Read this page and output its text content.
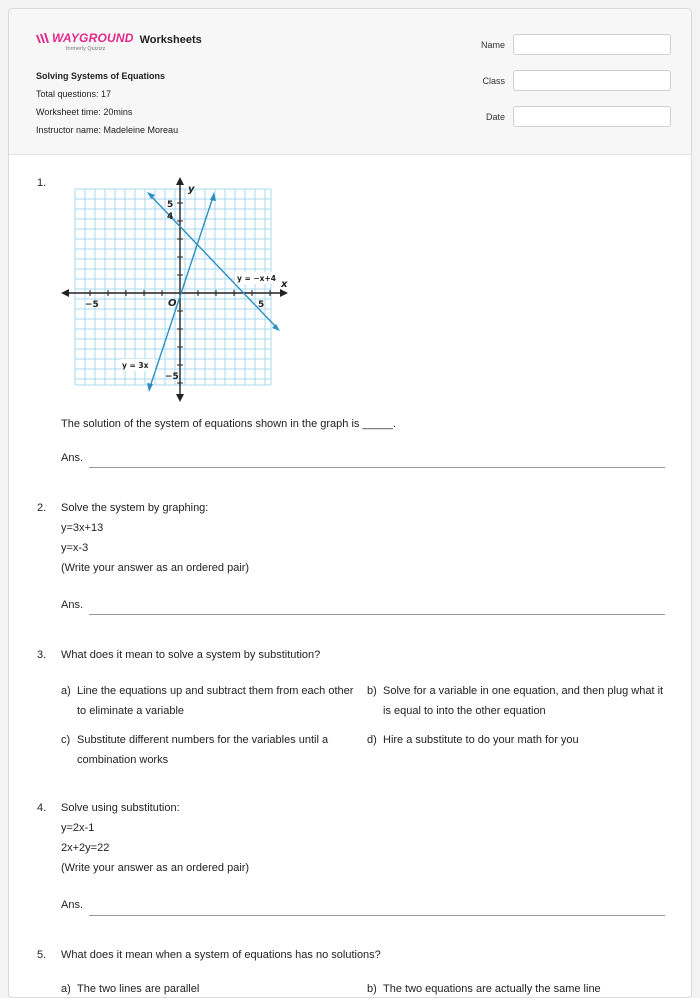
WAYGROUND
formerly Quizizz
Worksheets
Solving Systems of Equations
Total questions: 17
Worksheet time: 20mins
Instructor name: Madeleine Moreau
Name
Class
Date
1.
y
x
5
4
−5	5
−5
O
y = −x+4
y = 3x
The solution of the system of equations shown in the graph is _____.
Ans.
2. Solve the system by graphing:
y=3x+13
y=x-3
(Write your answer as an ordered pair)
Ans.
3. What does it mean to solve a system by substitution?
a) Line the equations up and subtract them from each other to eliminate a variable
b) Solve for a variable in one equation, and then plug what it is equal to into the other equation
c) Substitute different numbers for the variables until a combination works
d) Hire a substitute to do your math for you
4. Solve using substitution:
y=2x-1
2x+2y=22
(Write your answer as an ordered pair)
Ans.
5. What does it mean when a system of equations has no solutions?
a) The two lines are parallel	b) The two equations are actually the same line
